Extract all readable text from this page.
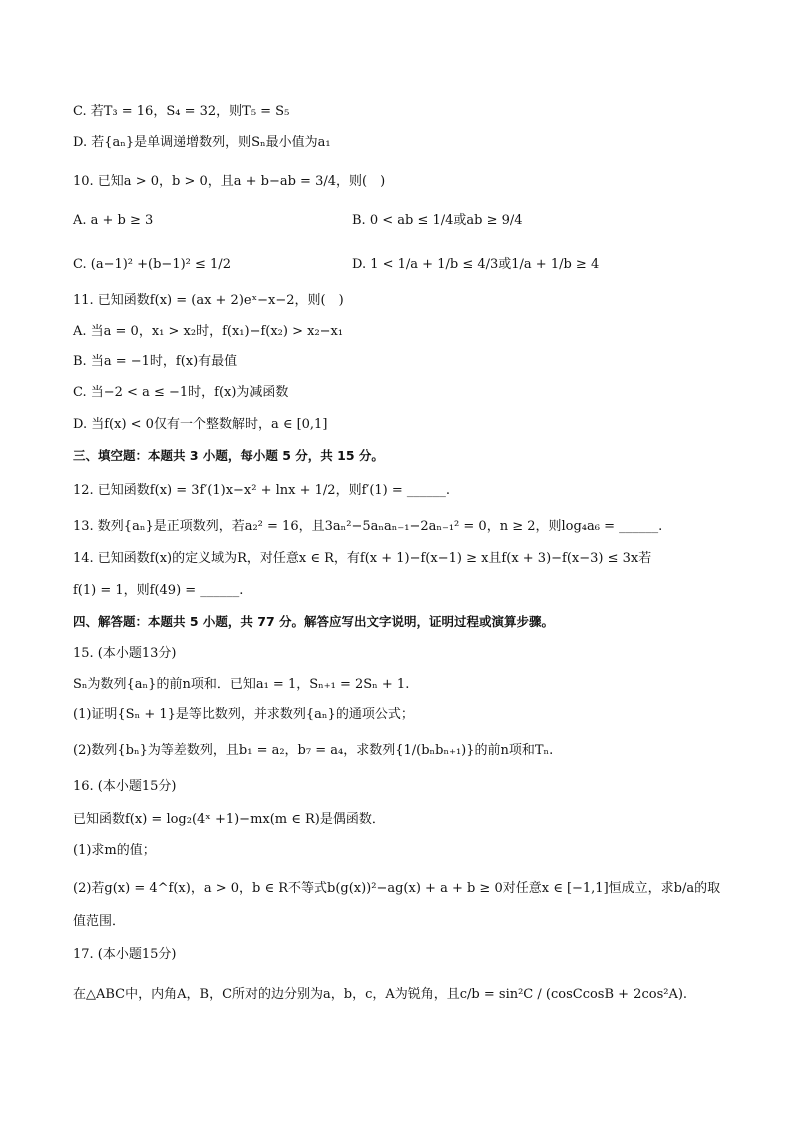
C. 若T₃ = 16，S₄ = 32，则T₅ = S₅
D. 若{aₙ}是单调递增数列，则Sₙ最小值为a₁
10. 已知a > 0，b > 0，且a + b−ab = 3/4，则(　)
A. a + b ≥ 3	B. 0 < ab ≤ 1/4或ab ≥ 9/4
C. (a−1)² +(b−1)² ≤ 1/2	D. 1 < 1/a + 1/b ≤ 4/3或1/a + 1/b ≥ 4
11. 已知函数f(x) = (ax + 2)eˣ−x−2，则(　)
A. 当a = 0，x₁ > x₂时，f(x₁)−f(x₂) > x₂−x₁
B. 当a = −1时，f(x)有最值
C. 当−2 < a ≤ −1时，f(x)为减函数
D. 当f(x) < 0仅有一个整数解时，a ∈ [0,1]
三、填空题：本题共 3 小题，每小题 5 分，共 15 分。
12. 已知函数f(x) = 3f′(1)x−x² + lnx + 1/2，则f′(1) = ______.
13. 数列{aₙ}是正项数列，若a₂² = 16，且3aₙ²−5aₙaₙ₋₁−2aₙ₋₁² = 0，n ≥ 2，则log₄a₆ = ______.
14. 已知函数f(x)的定义域为R，对任意x ∈ R，有f(x + 1)−f(x−1) ≥ x且f(x + 3)−f(x−3) ≤ 3x若
f(1) = 1，则f(49) = ______.
四、解答题：本题共 5 小题，共 77 分。解答应写出文字说明，证明过程或演算步骤。
15. (本小题13分)
Sₙ为数列{aₙ}的前n项和．已知a₁ = 1，Sₙ₊₁ = 2Sₙ + 1.
(1)证明{Sₙ + 1}是等比数列，并求数列{aₙ}的通项公式；
(2)数列{bₙ}为等差数列，且b₁ = a₂，b₇ = a₄，求数列{1/(bₙbₙ₊₁)}的前n项和Tₙ.
16. (本小题15分)
已知函数f(x) = log₂(4ˣ +1)−mx(m ∈ R)是偶函数．
(1)求m的值；
(2)若g(x) = 4^f(x)，a > 0，b ∈ R不等式b(g(x))²−ag(x) + a + b ≥ 0对任意x ∈ [−1,1]恒成立，求b/a的取
值范围．
17. (本小题15分)
在△ABC中，内角A，B，C所对的边分别为a，b，c，A为锐角，且c/b = sin²C / (cosCcosB + 2cos²A).
